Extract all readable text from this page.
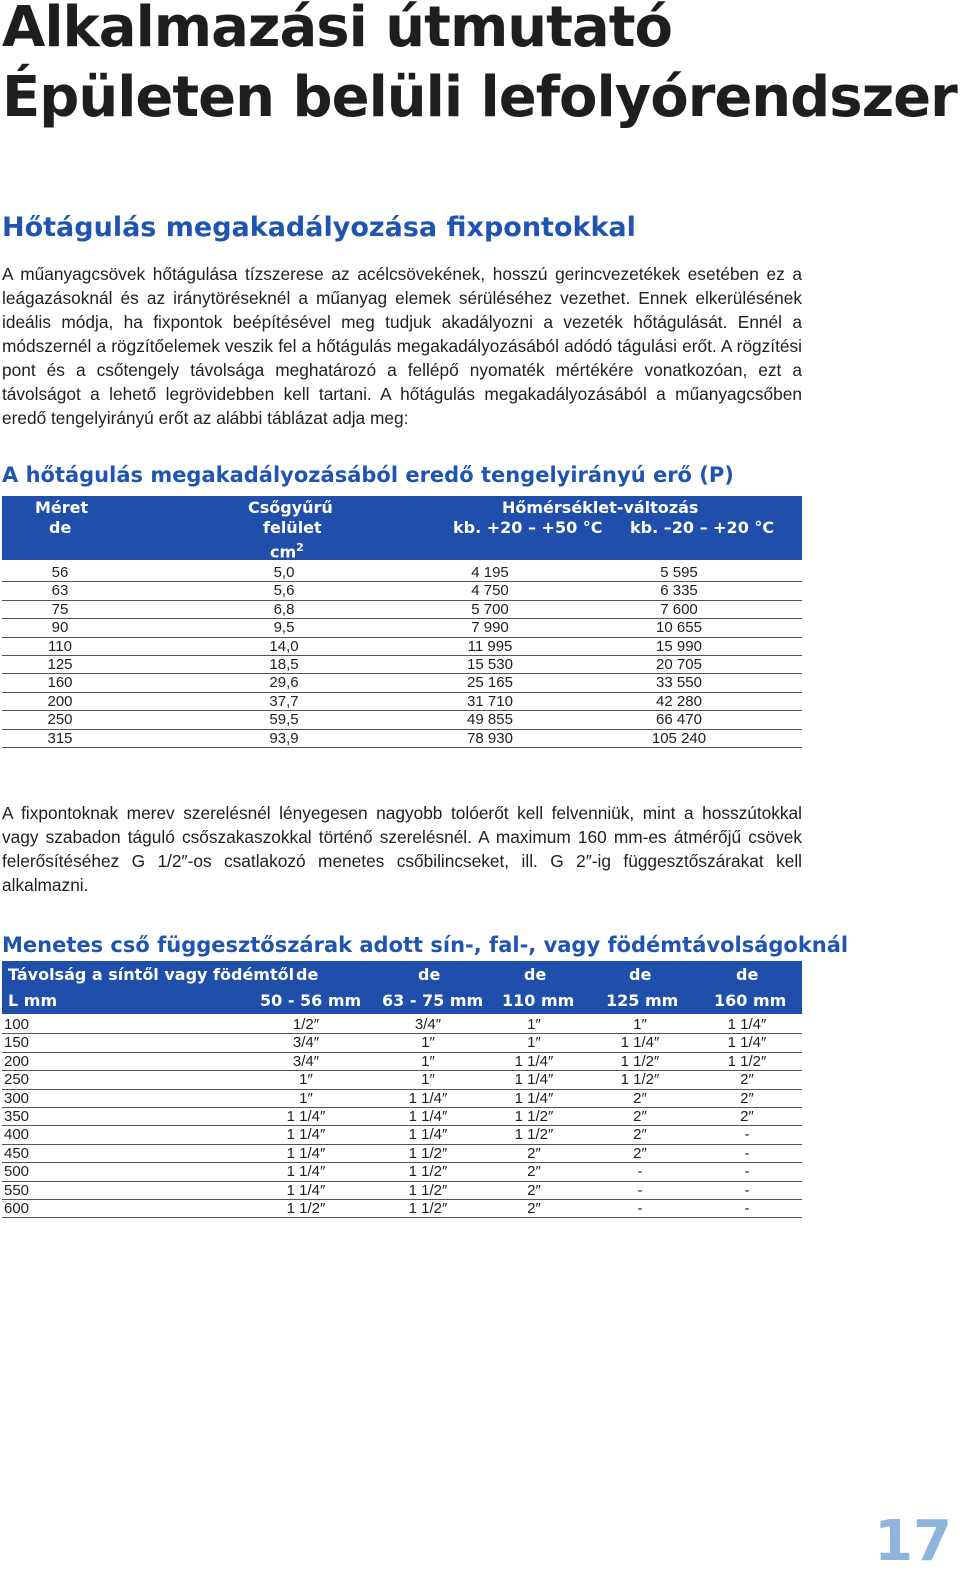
Alkalmazási útmutató
Épületen belüli lefolyórendszer
Hőtágulás megakadályozása fixpontokkal

A műanyagcsövek hőtágulása tízszerese az acélcsövekének, hosszú gerincvezetékek esetében ez a leágazásoknál és az iránytöréseknél a műanyag elemek sérüléséhez vezethet. Ennek elkerülésének ideális módja, ha fixpontok beépítésével meg tudjuk akadályozni a vezeték hőtágulását. Ennél a módszernél a rögzítőelemek veszik fel a hőtágulás megakadályozásából adódó tágulási erőt. A rögzítési pont és a csőtengely távolsága meghatározó a fellépő nyomaték mértékére vonatkozóan, ezt a távolságot a lehető legrövidebben kell tartani. A hőtágulás megakadályozásából a műanyagcsőben eredő tengelyirányú erőt az alábbi táblázat adja meg:

A hőtágulás megakadályozásából eredő tengelyirányú erő (P)
Méret
de
Csőgyűrű
felület
$cm^2$
Hőmérséklet-változás
kb. +20 – +50 °C kb. –20 – +20 °C
56	5,0	4 195	5 595
63	5,6	4 750	6 335
75	6,8	5 700	7 600
90	9,5	7 990	10 655
110	14,0	11 995	15 990
125	18,5	15 530	20 705
160	29,6	25 165	33 550
200	37,7	31 710	42 280
250	59,5	49 855	66 470
315	93,9	78 930	105 240

A fixpontoknak merev szerelésnél lényegesen nagyobb tolóerőt kell felvenniük, mint a hosszútokkal vagy szabadon táguló csőszakaszokkal történő szerelésnél. A maximum 160 mm-es átmérőjű csövek felerősítéséhez G 1/2″-os csatlakozó menetes csőbilincseket, ill. G 2″-ig függesztőszárakat kell alkalmazni.

Menetes cső függesztőszárak adott sín-, fal-, vagy födémtávolságoknál
Távolság a síntől vagy födémtől de	de	de	de	de
L mm	50 - 56 mm 63 - 75 mm 110 mm 125 mm 160 mm
100	1/2″	3/4″	1″	1″	1 1/4″
150	3/4″	1″	1″	1 1/4″	1 1/4″
200	3/4″	1″	1 1/4″	1 1/2″	1 1/2″
250	1″	1″	1 1/4″	1 1/2″	2″
300	1″	1 1/4″	1 1/4″	2″	2″
350	1 1/4″	1 1/4″	1 1/2″	2″	2″
400	1 1/4″	1 1/4″	1 1/2″	2″	-
450	1 1/4″	1 1/2″	2″	2″	-
500	1 1/4″	1 1/2″	2″	-	-
550	1 1/4″	1 1/2″	2″	-	-
600	1 1/2″	1 1/2″	2″	-	-
17
